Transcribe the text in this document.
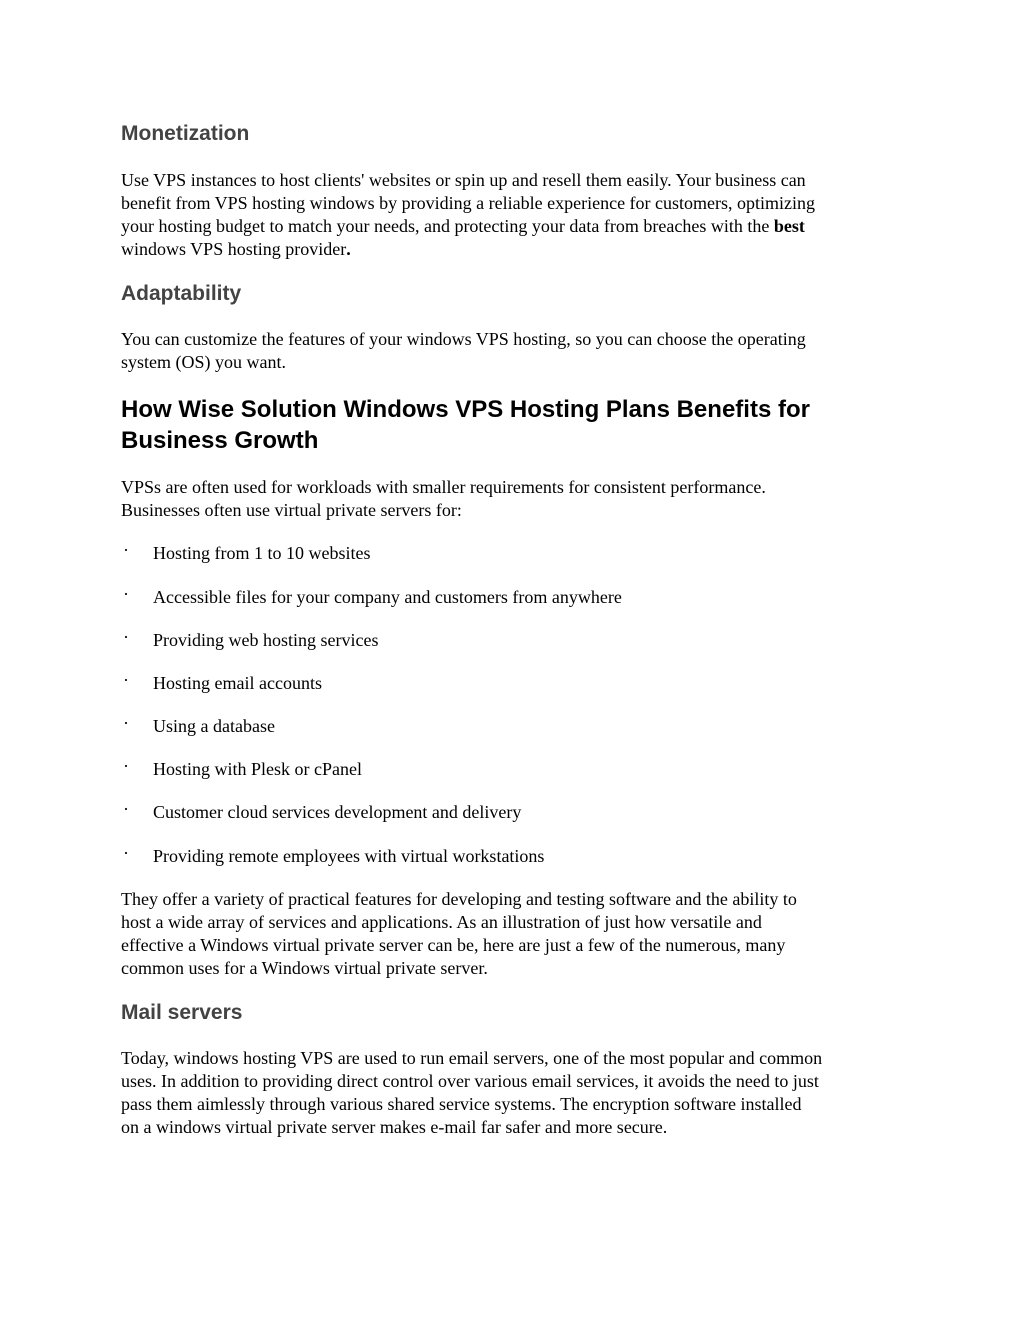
Monetization

Use VPS instances to host clients' websites or spin up and resell them easily. Your business can
benefit from VPS hosting windows by providing a reliable experience for customers, optimizing
your hosting budget to match your needs, and protecting your data from breaches with the best
windows VPS hosting provider.

Adaptability

You can customize the features of your windows VPS hosting, so you can choose the operating
system (OS) you want.

How Wise Solution Windows VPS Hosting Plans Benefits for
Business Growth

VPSs are often used for workloads with smaller requirements for consistent performance.
Businesses often use virtual private servers for:

· Hosting from 1 to 10 websites
· Accessible files for your company and customers from anywhere
· Providing web hosting services
· Hosting email accounts
· Using a database
· Hosting with Plesk or cPanel
· Customer cloud services development and delivery
· Providing remote employees with virtual workstations

They offer a variety of practical features for developing and testing software and the ability to
host a wide array of services and applications. As an illustration of just how versatile and
effective a Windows virtual private server can be, here are just a few of the numerous, many
common uses for a Windows virtual private server.

Mail servers

Today, windows hosting VPS are used to run email servers, one of the most popular and common
uses. In addition to providing direct control over various email services, it avoids the need to just
pass them aimlessly through various shared service systems. The encryption software installed
on a windows virtual private server makes e-mail far safer and more secure.
